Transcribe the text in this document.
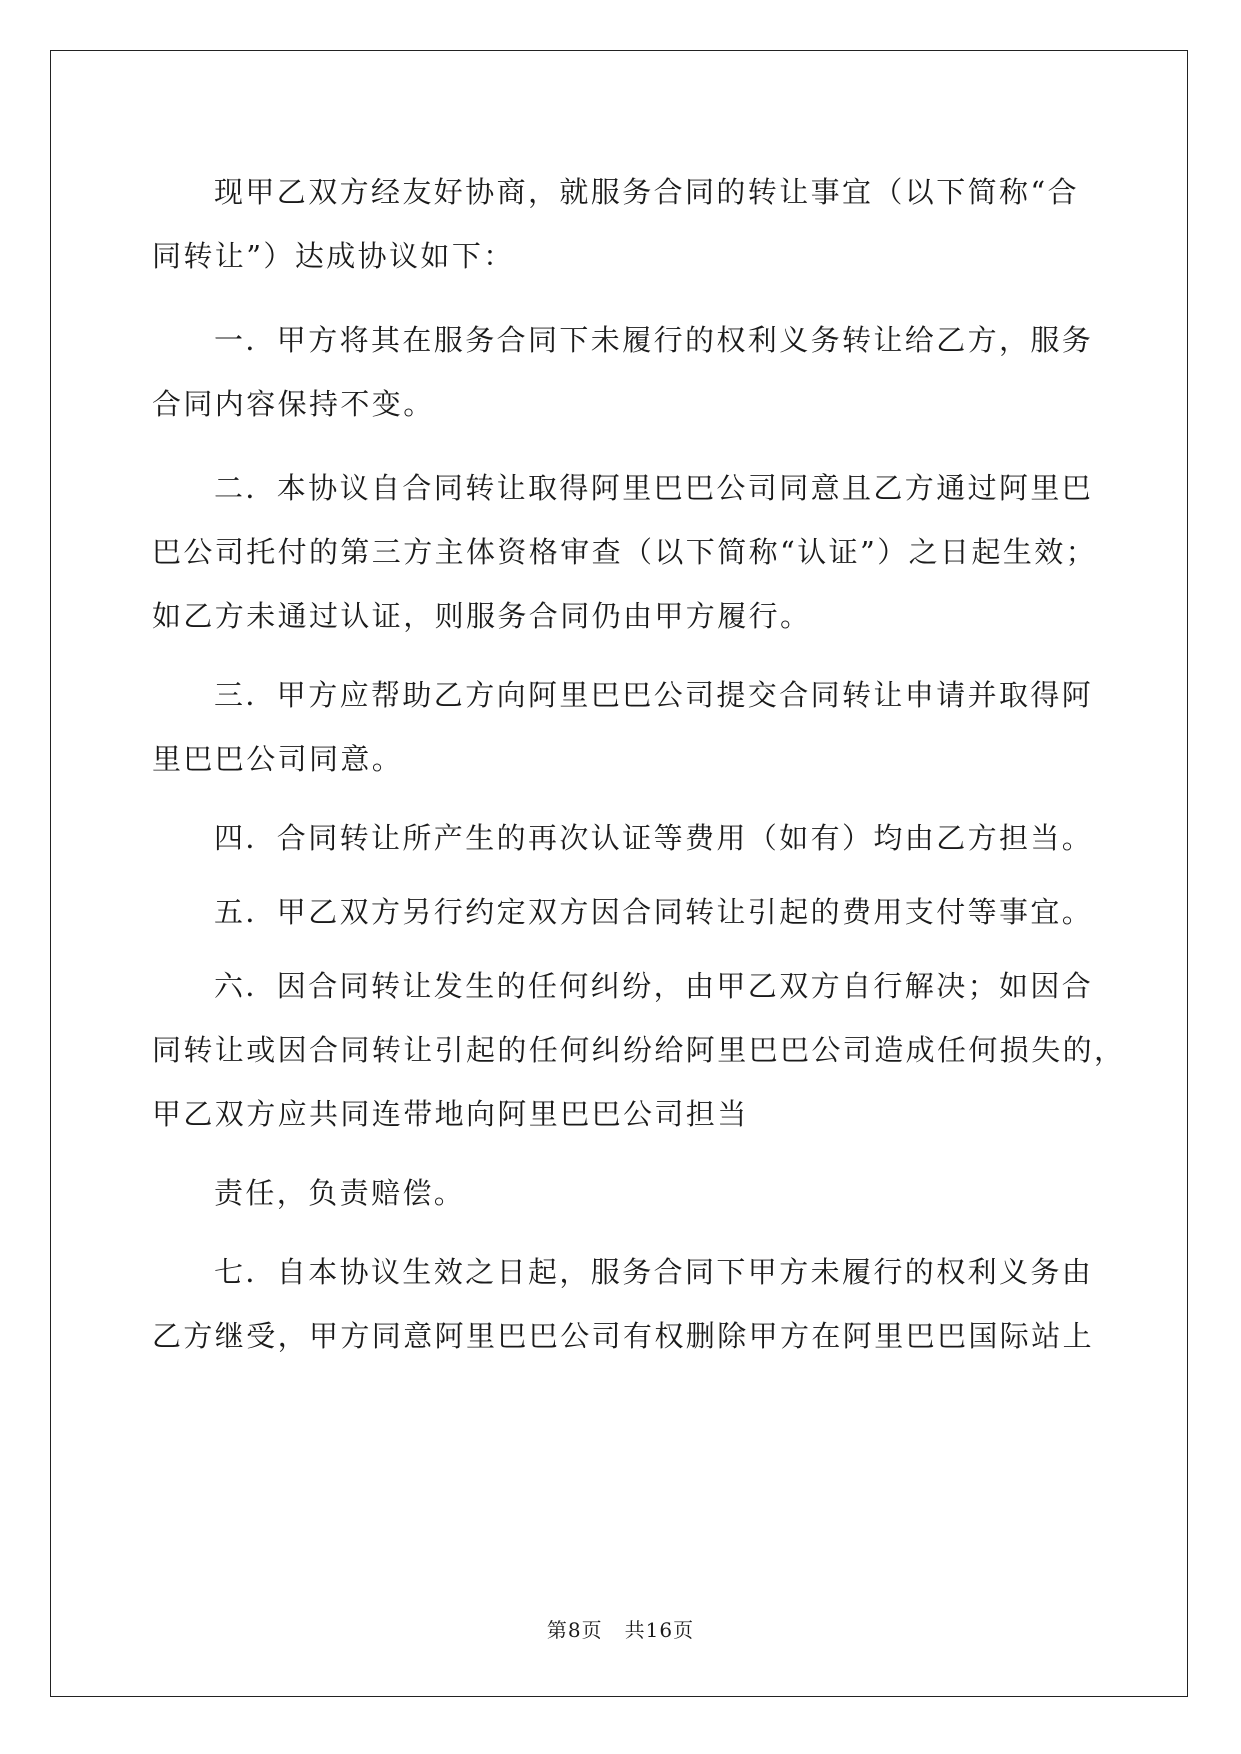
现甲乙双方经友好协商，就服务合同的转让事宜（以下简称“合
同转让”）达成协议如下：
一．甲方将其在服务合同下未履行的权利义务转让给乙方，服务
合同内容保持不变。
二．本协议自合同转让取得阿里巴巴公司同意且乙方通过阿里巴
巴公司托付的第三方主体资格审查（以下简称“认证”）之日起生效；
如乙方未通过认证，则服务合同仍由甲方履行。
三．甲方应帮助乙方向阿里巴巴公司提交合同转让申请并取得阿
里巴巴公司同意。
四．合同转让所产生的再次认证等费用（如有）均由乙方担当。
五．甲乙双方另行约定双方因合同转让引起的费用支付等事宜。
六．因合同转让发生的任何纠纷，由甲乙双方自行解决；如因合
同转让或因合同转让引起的任何纠纷给阿里巴巴公司造成任何损失的，
甲乙双方应共同连带地向阿里巴巴公司担当
责任，负责赔偿。
七．自本协议生效之日起，服务合同下甲方未履行的权利义务由
乙方继受，甲方同意阿里巴巴公司有权删除甲方在阿里巴巴国际站上
第8页 共16页
